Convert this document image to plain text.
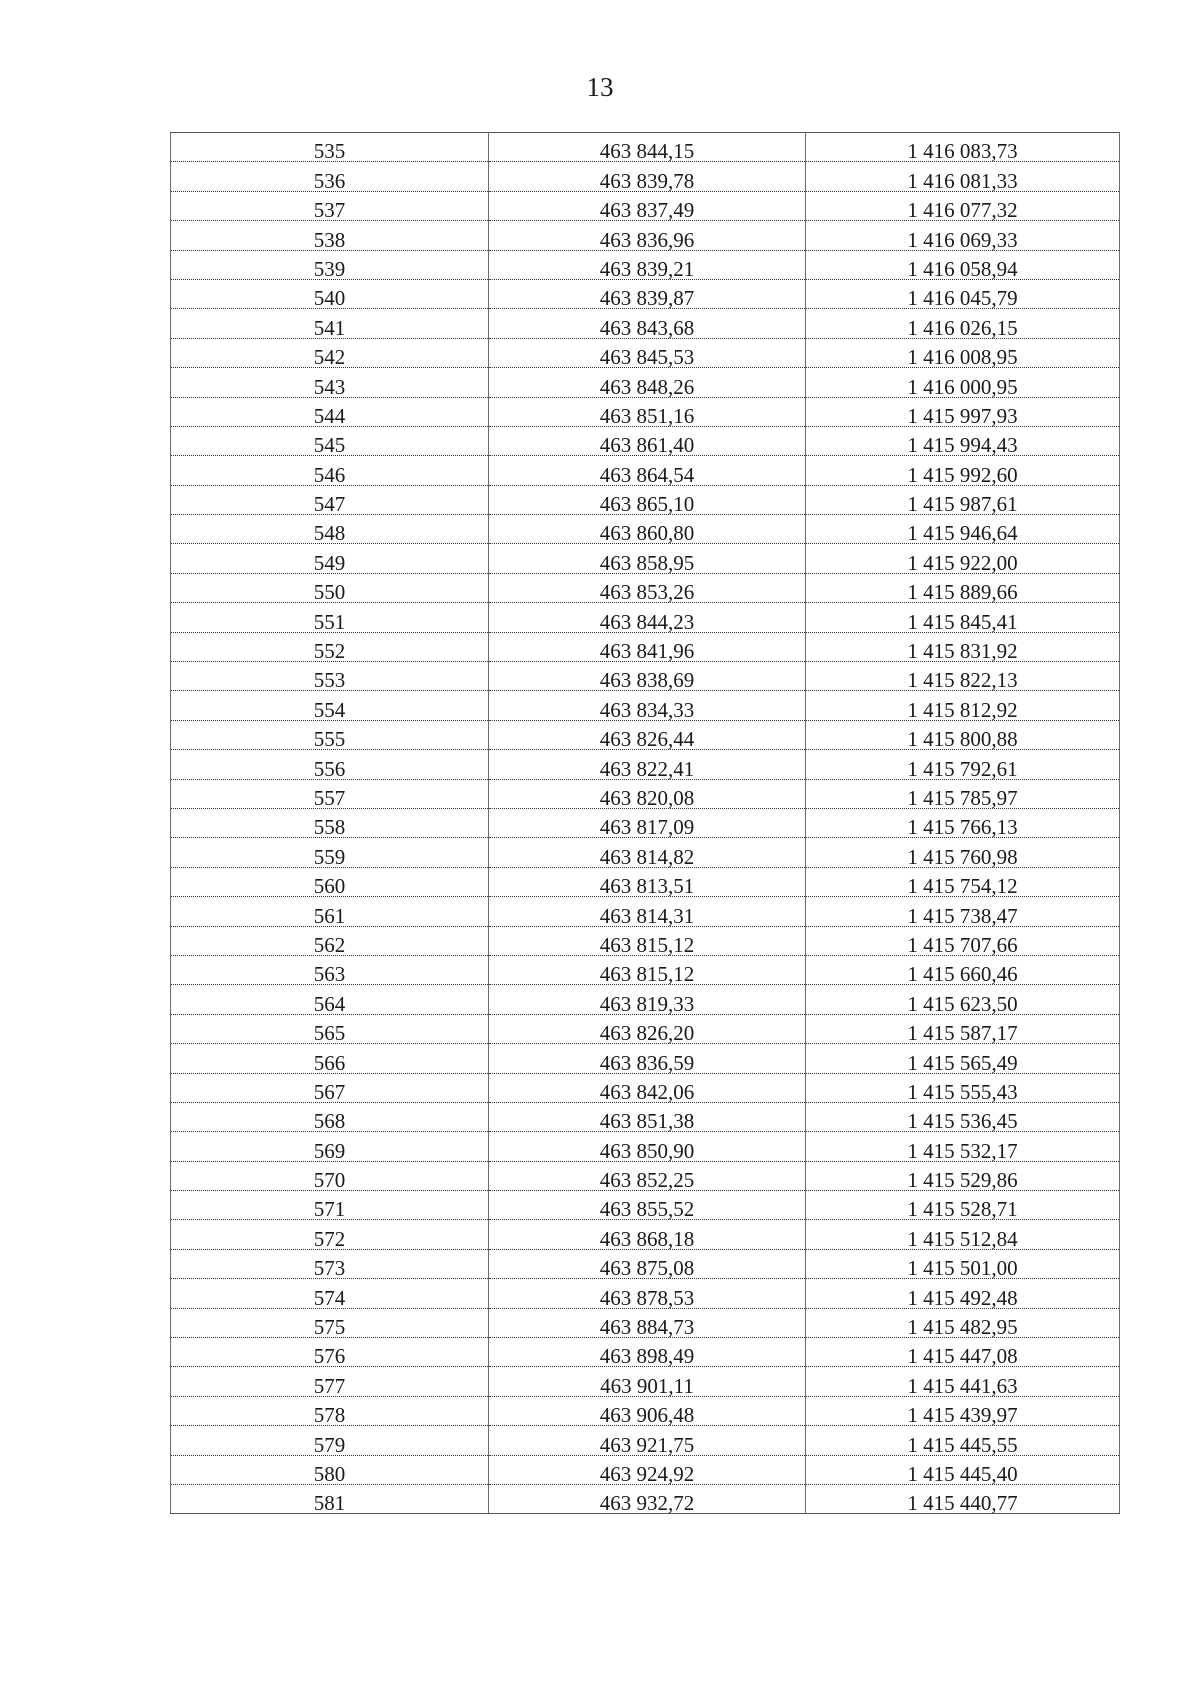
13
535	463 844,15	1 416 083,73
536	463 839,78	1 416 081,33
537	463 837,49	1 416 077,32
538	463 836,96	1 416 069,33
539	463 839,21	1 416 058,94
540	463 839,87	1 416 045,79
541	463 843,68	1 416 026,15
542	463 845,53	1 416 008,95
543	463 848,26	1 416 000,95
544	463 851,16	1 415 997,93
545	463 861,40	1 415 994,43
546	463 864,54	1 415 992,60
547	463 865,10	1 415 987,61
548	463 860,80	1 415 946,64
549	463 858,95	1 415 922,00
550	463 853,26	1 415 889,66
551	463 844,23	1 415 845,41
552	463 841,96	1 415 831,92
553	463 838,69	1 415 822,13
554	463 834,33	1 415 812,92
555	463 826,44	1 415 800,88
556	463 822,41	1 415 792,61
557	463 820,08	1 415 785,97
558	463 817,09	1 415 766,13
559	463 814,82	1 415 760,98
560	463 813,51	1 415 754,12
561	463 814,31	1 415 738,47
562	463 815,12	1 415 707,66
563	463 815,12	1 415 660,46
564	463 819,33	1 415 623,50
565	463 826,20	1 415 587,17
566	463 836,59	1 415 565,49
567	463 842,06	1 415 555,43
568	463 851,38	1 415 536,45
569	463 850,90	1 415 532,17
570	463 852,25	1 415 529,86
571	463 855,52	1 415 528,71
572	463 868,18	1 415 512,84
573	463 875,08	1 415 501,00
574	463 878,53	1 415 492,48
575	463 884,73	1 415 482,95
576	463 898,49	1 415 447,08
577	463 901,11	1 415 441,63
578	463 906,48	1 415 439,97
579	463 921,75	1 415 445,55
580	463 924,92	1 415 445,40
581	463 932,72	1 415 440,77
